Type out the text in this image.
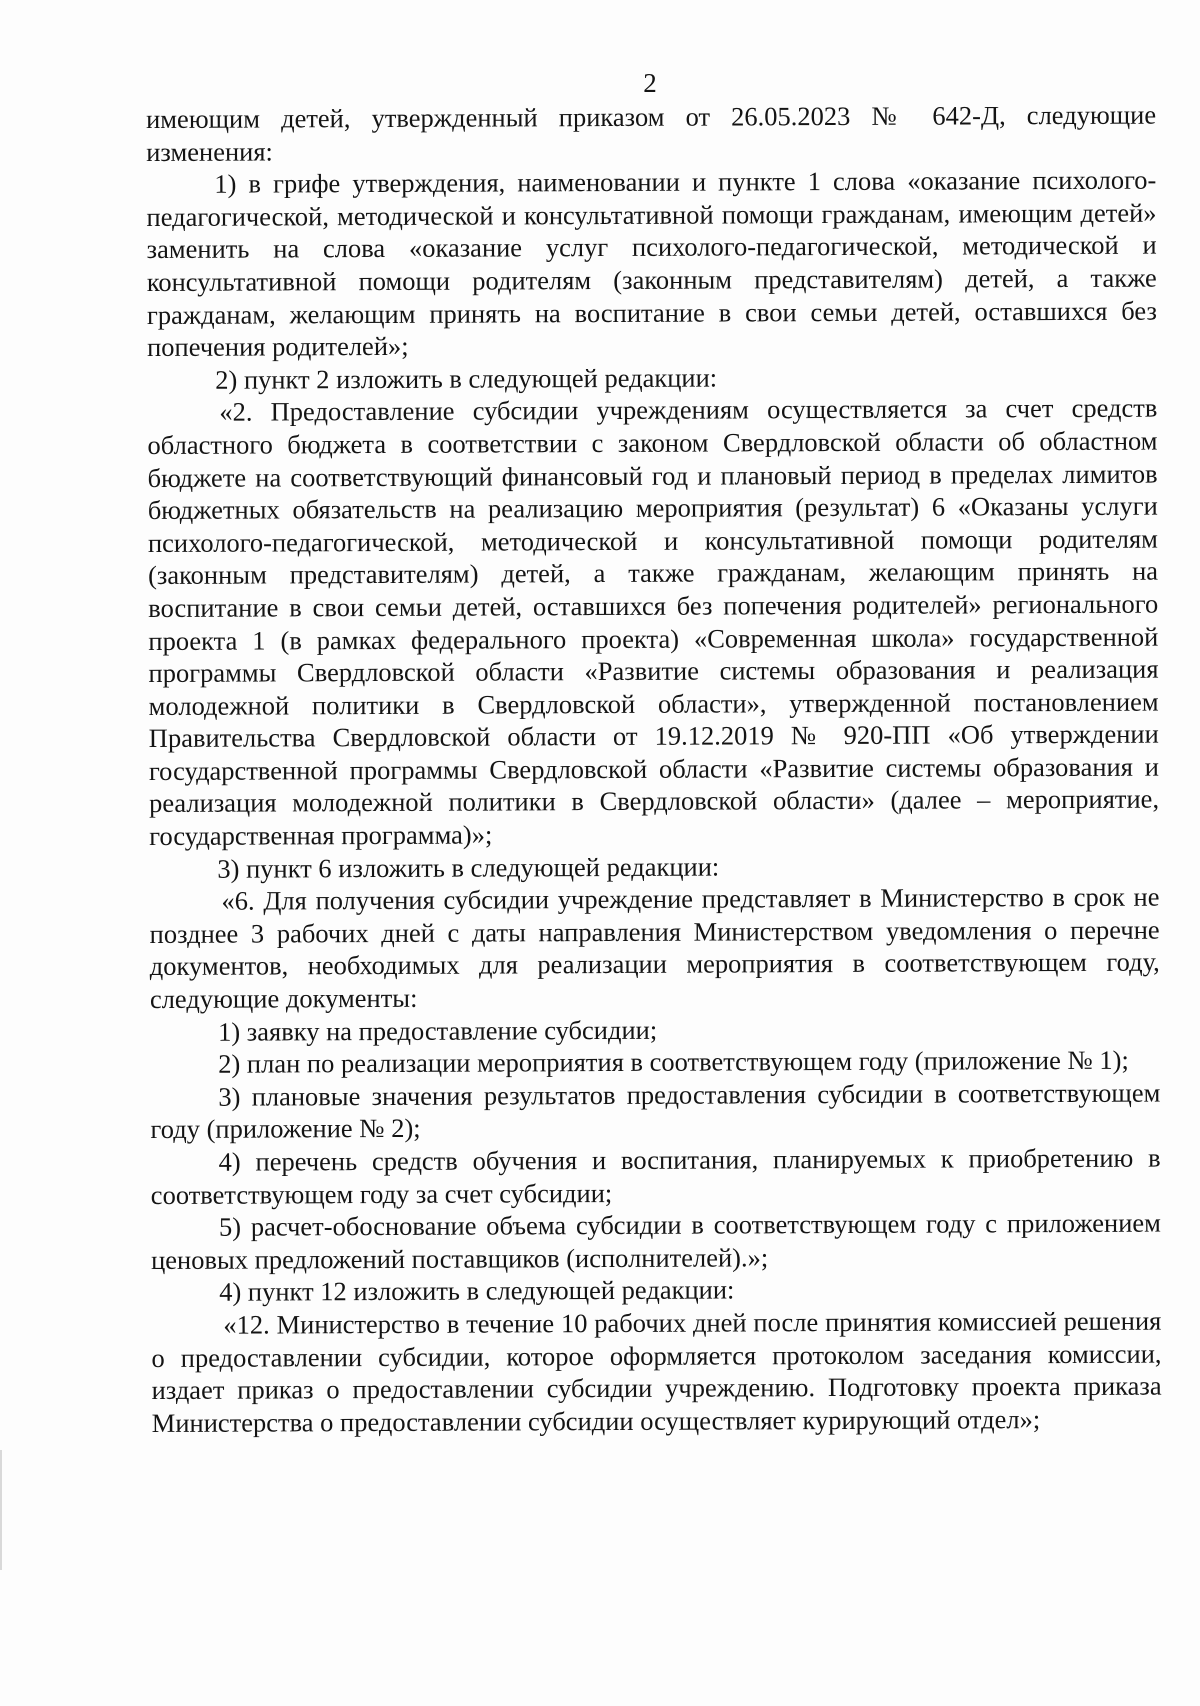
2

имеющим детей, утвержденный приказом от 26.05.2023 № 642-Д, следующие изменения:

1) в грифе утверждения, наименовании и пункте 1 слова «оказание психолого-педагогической, методической и консультативной помощи гражданам, имеющим детей» заменить на слова «оказание услуг психолого-педагогической, методической и консультативной помощи родителям (законным представителям) детей, а также гражданам, желающим принять на воспитание в свои семьи детей, оставшихся без попечения родителей»;

2) пункт 2 изложить в следующей редакции:

«2. Предоставление субсидии учреждениям осуществляется за счет средств областного бюджета в соответствии с законом Свердловской области об областном бюджете на соответствующий финансовый год и плановый период в пределах лимитов бюджетных обязательств на реализацию мероприятия (результат) 6 «Оказаны услуги психолого-педагогической, методической и консультативной помощи родителям (законным представителям) детей, а также гражданам, желающим принять на воспитание в свои семьи детей, оставшихся без попечения родителей» регионального проекта 1 (в рамках федерального проекта) «Современная школа» государственной программы Свердловской области «Развитие системы образования и реализация молодежной политики в Свердловской области», утвержденной постановлением Правительства Свердловской области от 19.12.2019 № 920-ПП «Об утверждении государственной программы Свердловской области «Развитие системы образования и реализация молодежной политики в Свердловской области» (далее – мероприятие, государственная программа)»;

3) пункт 6 изложить в следующей редакции:

«6. Для получения субсидии учреждение представляет в Министерство в срок не позднее 3 рабочих дней с даты направления Министерством уведомления о перечне документов, необходимых для реализации мероприятия в соответствующем году, следующие документы:

1) заявку на предоставление субсидии;

2) план по реализации мероприятия в соответствующем году (приложение № 1);

3) плановые значения результатов предоставления субсидии в соответствующем году (приложение № 2);

4) перечень средств обучения и воспитания, планируемых к приобретению в соответствующем году за счет субсидии;

5) расчет-обоснование объема субсидии в соответствующем году с приложением ценовых предложений поставщиков (исполнителей).»;

4) пункт 12 изложить в следующей редакции:

«12. Министерство в течение 10 рабочих дней после принятия комиссией решения о предоставлении субсидии, которое оформляется протоколом заседания комиссии, издает приказ о предоставлении субсидии учреждению. Подготовку проекта приказа Министерства о предоставлении субсидии осуществляет курирующий отдел»;
